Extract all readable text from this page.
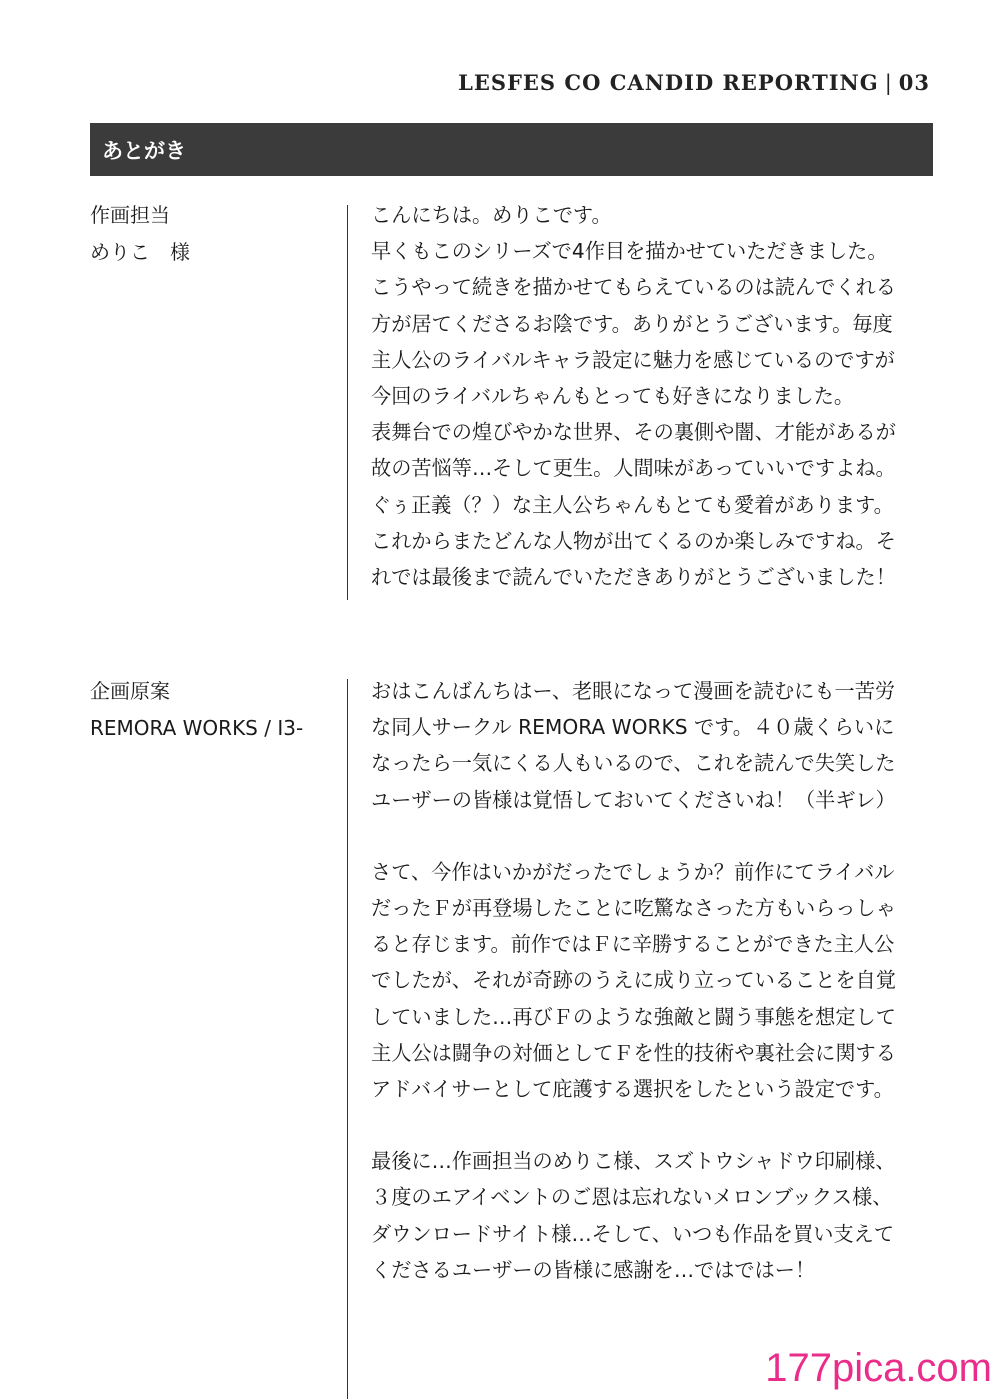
LESFES CO CANDID REPORTING | 03
あとがき
作画担当
めりこ　様
こんにちは。めりこです。
早くもこのシリーズで4作目を描かせていただきました。
こうやって続きを描かせてもらえているのは読んでくれる
方が居てくださるお陰です。ありがとうございます。毎度
主人公のライバルキャラ設定に魅力を感じているのですが
今回のライバルちゃんもとっても好きになりました。
表舞台での煌びやかな世界、その裏側や闇、才能があるが
故の苦悩等…そして更生。人間味があっていいですよね。
ぐぅ正義（？）な主人公ちゃんもとても愛着があります。
これからまたどんな人物が出てくるのか楽しみですね。そ
れでは最後まで読んでいただきありがとうございました！
企画原案
REMORA WORKS / I3-
おはこんばんちはー、老眼になって漫画を読むにも一苦労
な同人サークル REMORA WORKS です。４０歳くらいに
なったら一気にくる人もいるので、これを読んで失笑した
ユーザーの皆様は覚悟しておいてくださいね！（半ギレ）
さて、今作はいかがだったでしょうか？前作にてライバル
だったＦが再登場したことに吃驚なさった方もいらっしゃ
ると存じます。前作ではＦに辛勝することができた主人公
でしたが、それが奇跡のうえに成り立っていることを自覚
していました…再びＦのような強敵と闘う事態を想定して
主人公は闘争の対価としてＦを性的技術や裏社会に関する
アドバイサーとして庇護する選択をしたという設定です。
最後に…作画担当のめりこ様、スズトウシャドウ印刷様、
３度のエアイベントのご恩は忘れないメロンブックス様、
ダウンロードサイト様…そして、いつも作品を買い支えて
くださるユーザーの皆様に感謝を…ではではー！
177pica.com
